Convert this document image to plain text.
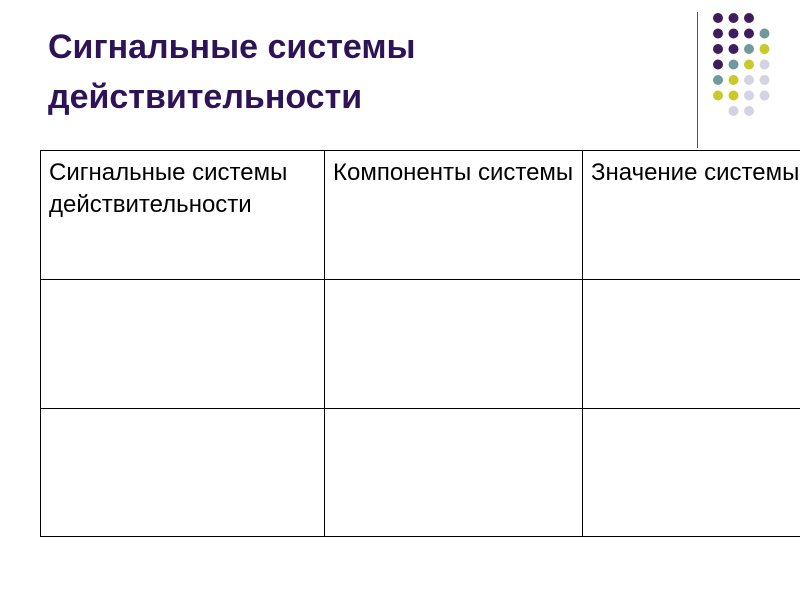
Сигнальные системы
действительности
Сигнальные системы действительности	Компоненты системы	Значение системы
